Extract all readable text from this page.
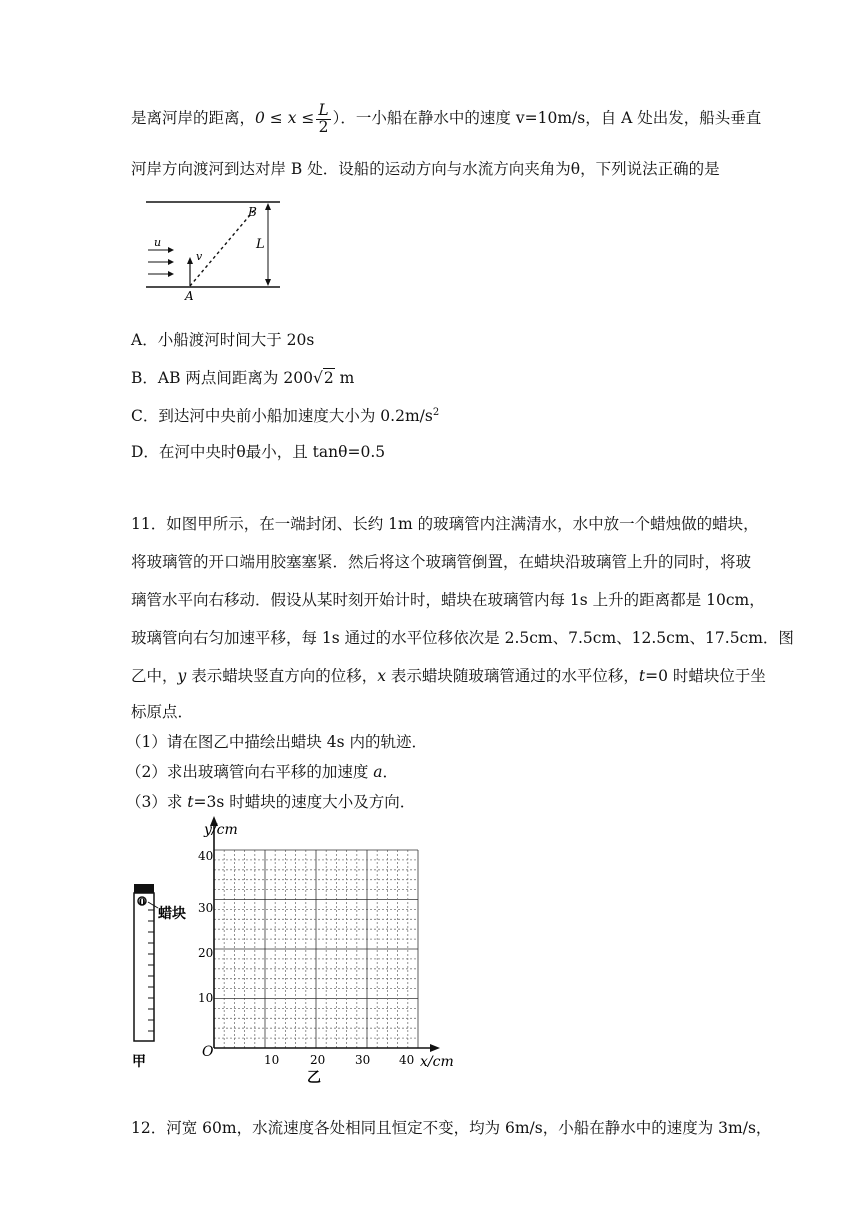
是离河岸的距离，$0 \le x \le \frac{L}{2}$ ）．一小船在静水中的速度 v=10m/s，自 A 处出发，船头垂直
河岸方向渡河到达对岸 B 处．设船的运动方向与水流方向夹角为θ，下列说法正确的是
u
v
L
A
B
A．小船渡河时间大于 20s
B．AB 两点间距离为 200√2 m
C．到达河中央前小船加速度大小为 $0.2m/s^2$
D．在河中央时θ最小，且 tanθ=0.5
11．如图甲所示，在一端封闭、长约 1m 的玻璃管内注满清水，水中放一个蜡烛做的蜡块，
将玻璃管的开口端用胶塞塞紧．然后将这个玻璃管倒置，在蜡块沿玻璃管上升的同时，将玻
璃管水平向右移动．假设从某时刻开始计时，蜡块在玻璃管内每 1s 上升的距离都是 10cm，
玻璃管向右匀加速平移，每 1s 通过的水平位移依次是 2.5cm、7.5cm、12.5cm、17.5cm．图
乙中，y 表示蜡块竖直方向的位移，x 表示蜡块随玻璃管通过的水平位移，t=0 时蜡块位于坐
标原点．
（1）请在图乙中描绘出蜡块 4s 内的轨迹．
（2）求出玻璃管向右平移的加速度 a．
（3）求 t=3s 时蜡块的速度大小及方向．
0
蜡块
甲
y/cm
x/cm
O
10
20
30
40
10	20 30 40
乙
12．河宽 60m，水流速度各处相同且恒定不变，均为 6m/s，小船在静水中的速度为 3m/s，
